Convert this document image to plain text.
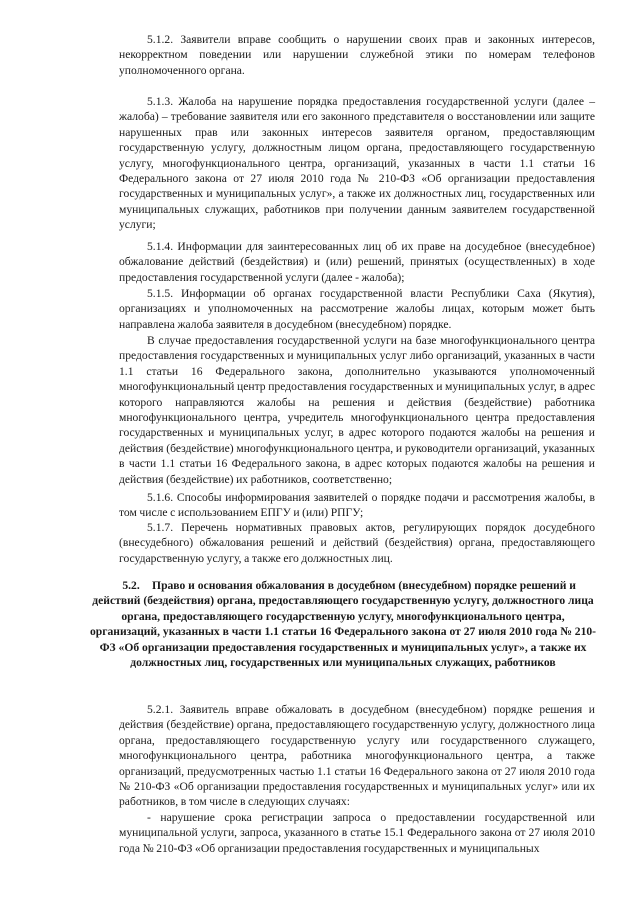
5.1.2. Заявители вправе сообщить о нарушении своих прав и законных интересов, некорректном поведении или нарушении служебной этики по номерам телефонов уполномоченного органа.

5.1.3. Жалоба на нарушение порядка предоставления государственной услуги (далее – жалоба) – требование заявителя или его законного представителя о восстановлении или защите нарушенных прав или законных интересов заявителя органом, предоставляющим государственную услугу, должностным лицом органа, предоставляющего государственную услугу, многофункционального центра, организаций, указанных в части 1.1 статьи 16 Федерального закона от 27 июля 2010 года № 210-ФЗ «Об организации предоставления государственных и муниципальных услуг», а также их должностных лиц, государственных или муниципальных служащих, работников при получении данным заявителем государственной услуги;

5.1.4. Информации для заинтересованных лиц об их праве на досудебное (внесудебное) обжалование действий (бездействия) и (или) решений, принятых (осуществленных) в ходе предоставления государственной услуги (далее - жалоба);

5.1.5. Информации об органах государственной власти Республики Саха (Якутия), организациях и уполномоченных на рассмотрение жалобы лицах, которым может быть направлена жалоба заявителя в досудебном (внесудебном) порядке.

В случае предоставления государственной услуги на базе многофункционального центра предоставления государственных и муниципальных услуг либо организаций, указанных в части 1.1 статьи 16 Федерального закона, дополнительно указываются уполномоченный многофункциональный центр предоставления государственных и муниципальных услуг, в адрес которого направляются жалобы на решения и действия (бездействие) работника многофункционального центра, учредитель многофункционального центра предоставления государственных и муниципальных услуг, в адрес которого подаются жалобы на решения и действия (бездействие) многофункционального центра, и руководители организаций, указанных в части 1.1 статьи 16 Федерального закона, в адрес которых подаются жалобы на решения и действия (бездействие) их работников, соответственно;

5.1.6. Способы информирования заявителей о порядке подачи и рассмотрения жалобы, в том числе с использованием ЕПГУ и (или) РПГУ;

5.1.7. Перечень нормативных правовых актов, регулирующих порядок досудебного (внесудебного) обжалования решений и действий (бездействия) органа, предоставляющего государственную услугу, а также его должностных лиц.

5.2. Право и основания обжалования в досудебном (внесудебном) порядке решений и действий (бездействия) органа, предоставляющего государственную услугу, должностного лица органа, предоставляющего государственную услугу, многофункционального центра, организаций, указанных в части 1.1 статьи 16 Федерального закона от 27 июля 2010 года № 210-ФЗ «Об организации предоставления государственных и муниципальных услуг», а также их должностных лиц, государственных или муниципальных служащих, работников

5.2.1. Заявитель вправе обжаловать в досудебном (внесудебном) порядке решения и действия (бездействие) органа, предоставляющего государственную услугу, должностного лица органа, предоставляющего государственную услугу или государственного служащего, многофункционального центра, работника многофункционального центра, а также организаций, предусмотренных частью 1.1 статьи 16 Федерального закона от 27 июля 2010 года № 210-ФЗ «Об организации предоставления государственных и муниципальных услуг» или их работников, в том числе в следующих случаях:

- нарушение срока регистрации запроса о предоставлении государственной или муниципальной услуги, запроса, указанного в статье 15.1 Федерального закона от 27 июля 2010 года № 210-ФЗ «Об организации предоставления государственных и муниципальных
